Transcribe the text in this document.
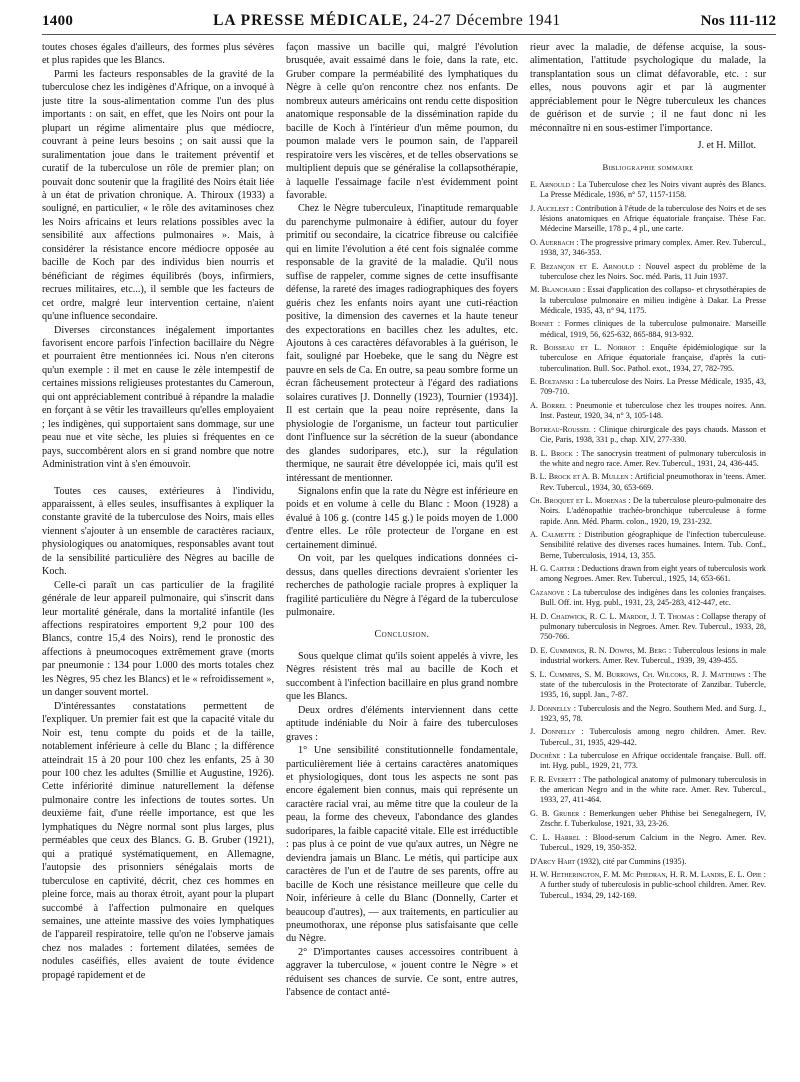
1400	LA PRESSE MÉDICALE, 24-27 Décembre 1941	Nos 111-112

toutes choses égales d'ailleurs, des formes plus sévères et plus rapides que les Blancs.

Parmi les facteurs responsables de la gravité de la tuberculose chez les indigènes d'Afrique, on a invoqué à juste titre la sous-alimentation comme l'un des plus importants : on sait, en effet, que les Noirs ont pour la plupart un régime alimentaire plus que médiocre, couvrant à peine leurs besoins ; on sait aussi que la suralimentation joue dans le traitement préventif et curatif de la tuberculose un rôle de premier plan; on pouvait donc soutenir que la fragilité des Noirs était liée à un état de privation chronique. A. Thiroux (1933) a souligné, en particulier, « le rôle des avitaminoses chez les Noirs africains et leurs relations possibles avec la sensibilité aux affections pulmonaires ». Mais, à considérer la résistance encore médiocre opposée au bacille de Koch par des individus bien nourris et bénéficiant de régimes équilibrés (boys, infirmiers, recrues militaires, etc...), il semble que les facteurs de cet ordre, malgré leur intervention certaine, n'aient qu'une influence secondaire.

Diverses circonstances inégalement importantes favorisent encore parfois l'infection bacillaire du Nègre et pourraient être mentionnées ici. Nous n'en citerons qu'un exemple : il met en cause le zèle intempestif de certaines missions religieuses protestantes du Cameroun, qui ont appréciablement contribué à répandre la maladie en forçant à se vêtir les travailleurs qu'elles employaient ; les indigènes, qui supportaient sans dommage, sur une peau nue et vite sèche, les pluies si fréquentes en ce pays, succombèrent alors en si grand nombre que notre Administration vint à s'en émouvoir.

Toutes ces causes, extérieures à l'individu, apparaissent, à elles seules, insuffisantes à expliquer la constante gravité de la tuberculose des Noirs, mais elles viennent s'ajouter à un ensemble de caractères raciaux, physiologiques ou anatomiques, responsables avant tout de la sensibilité particulière des Nègres au bacille de Koch.

Celle-ci paraît un cas particulier de la fragilité générale de leur appareil pulmonaire, qui s'inscrit dans leur mortalité générale, dans la mortalité infantile (les affections respiratoires emportent 9,2 pour 100 des Blancs, contre 15,4 des Noirs), rend le pronostic des affections à pneumocoques extrêmement grave (morts par pneumonie : 134 pour 1.000 des morts totales chez les Nègres, 95 chez les Blancs) et le « refroidissement », un danger souvent mortel.

D'intéressantes constatations permettent de l'expliquer. Un premier fait est que la capacité vitale du Noir est, tenu compte du poids et de la taille, notablement inférieure à celle du Blanc ; la différence atteindrait 15 à 20 pour 100 chez les enfants, 25 à 30 pour 100 chez les adultes (Smillie et Augustine, 1926). Cette infériorité diminue naturellement la défense pulmonaire contre les infections de toutes sortes. Un deuxième fait, d'une réelle importance, est que les lymphatiques du Nègre normal sont plus larges, plus perméables que ceux des Blancs. G. B. Gruber (1921), qui a pratiqué systématiquement, en Allemagne, l'autopsie des prisonniers sénégalais morts de tuberculose en captivité, décrit, chez ces hommes en pleine force, mais au thorax étroit, ayant pour la plupart succombé à l'affection pulmonaire en quelques semaines, une atteinte massive des voies lymphatiques de l'appareil respiratoire, telle qu'on ne l'observe jamais chez nos malades : fortement dilatées, semées de nodules caséifiés, elles avaient de toute évidence propagé rapidement et de

façon massive un bacille qui, malgré l'évolution brusquée, avait essaimé dans le foie, dans la rate, etc. Gruber compare la perméabilité des lymphatiques du Nègre à celle qu'on rencontre chez nos enfants. De nombreux auteurs américains ont rendu cette disposition anatomique responsable de la dissémination rapide du bacille de Koch à l'intérieur d'un même poumon, du poumon malade vers le poumon sain, de l'appareil respiratoire vers les viscères, et de telles observations se multiplient depuis que se généralise la collapsothérapie, à laquelle l'essaimage facile n'est évidemment point favorable.

Chez le Nègre tuberculeux, l'inaptitude remarquable du parenchyme pulmonaire à édifier, autour du foyer primitif ou secondaire, la cicatrice fibreuse ou calcifiée qui en limite l'évolution a été cent fois signalée comme responsable de la gravité de la maladie. Qu'il nous suffise de rappeler, comme signes de cette insuffisante défense, la rareté des images radiographiques des foyers guéris chez les enfants noirs ayant une cuti-réaction positive, la dimension des cavernes et la haute teneur des expectorations en bacilles chez les adultes, etc. Ajoutons à ces caractères défavorables à la guérison, le fait, souligné par Hoebeke, que le sang du Nègre est pauvre en sels de Ca. En outre, sa peau sombre forme un écran fâcheusement protecteur à l'égard des radiations solaires curatives [J. Donnelly (1923), Tournier (1934)]. Il est certain que la peau noire représente, dans la physiologie de l'organisme, un facteur tout particulier dont l'influence sur la sécrétion de la sueur (abondance des glandes sudoripares, etc.), sur la régulation thermique, ne saurait être développée ici, mais qu'il est intéressant de mentionner.

Signalons enfin que la rate du Nègre est inférieure en poids et en volume à celle du Blanc : Moon (1928) a évalué à 106 g. (contre 145 g.) le poids moyen de 1.000 d'entre elles. Le rôle protecteur de l'organe en est certainement diminué.

On voit, par les quelques indications données ci-dessus, dans quelles directions devraient s'orienter les recherches de pathologie raciale propres à expliquer la fragilité particulière du Nègre à l'égard de la tuberculose pulmonaire.

Conclusion.

Sous quelque climat qu'ils soient appelés à vivre, les Nègres résistent très mal au bacille de Koch et succombent à l'infection bacillaire en plus grand nombre que les Blancs.

Deux ordres d'éléments interviennent dans cette aptitude indéniable du Noir à faire des tuberculoses graves :

1° Une sensibilité constitutionnelle fondamentale, particulièrement liée à certains caractères anatomiques et physiologiques, dont tous les aspects ne sont pas encore également bien connus, mais qui représente un caractère racial vrai, au même titre que la couleur de la peau, la forme des cheveux, l'abondance des glandes sudoripares, la faible capacité vitale. Elle est irréductible : pas plus à ce point de vue qu'aux autres, un Nègre ne deviendra jamais un Blanc. Le métis, qui participe aux caractères de l'un et de l'autre de ses parents, offre au bacille de Koch une résistance meilleure que celle du Noir, inférieure à celle du Blanc (Donnelly, Carter et beaucoup d'autres), — aux traitements, en particulier au pneumothorax, une réponse plus satisfaisante que celle du Nègre.

2° D'importantes causes accessoires contribuent à aggraver la tuberculose, « jouent contre le Nègre » et réduisent ses chances de survie. Ce sont, entre autres, l'absence de contact anté-

rieur avec la maladie, de défense acquise, la sous-alimentation, l'attitude psychologique du malade, la transplantation sous un climat défavorable, etc. : sur elles, nous pouvons agir et par là augmenter appréciablement pour le Nègre tuberculeux les chances de guérison et de survie ; il ne faut donc ni les méconnaître ni en sous-estimer l'importance.

J. et H. Millot.
Bibliographie sommaire
E. Arnould : La Tuberculose chez les Noirs vivant auprès des Blancs. La Presse Médicale, 1936, n° 57, 1157-1158.
J. Aucelest : Contribution à l'étude de la tuberculose des Noirs et de ses lésions anatomiques en Afrique équatoriale française. Thèse Fac. Médecine Marseille, 178 p., 4 pl., une carte.
O. Auerbach : The progressive primary complex. Amer. Rev. Tubercul., 1938, 37, 346-353.
F. Bezançon et E. Arnould : Nouvel aspect du problème de la tuberculose chez les Noirs. Soc. méd. Paris, 11 Juin 1937.
M. Blanchard : Essai d'application des collapso- et chrysothérapies de la tuberculose pulmonaire en milieu indigène à Dakar. La Presse Médicale, 1935, 43, n° 94, 1175.
Boinet : Formes cliniques de la tuberculose pulmonaire. Marseille médical, 1919, 56, 625-632, 865-884, 913-932.
R. Boisseau et L. Noirrot : Enquête épidémiologique sur la tuberculose en Afrique équatoriale française, d'après la cuti-tuberculination. Bull. Soc. Pathol. exot., 1934, 27, 782-795.
E. Boltanski : La tuberculose des Noirs. La Presse Médicale, 1935, 43, 709-710.
A. Borrel : Pneumonie et tuberculose chez les troupes noires. Ann. Inst. Pasteur, 1920, 34, n° 3, 105-148.
Botreau-Roussel : Clinique chirurgicale des pays chauds. Masson et Cie, Paris, 1938, 331 p., chap. XIV, 277-330.
B. L. Brock : The sanocrysin treatment of pulmonary tuberculosis in the white and negro race. Amer. Rev. Tubercul., 1931, 24, 436-445.
B. L. Brock et A. B. Mullen : Artificial pneumothorax in 'teens. Amer. Rev. Tubercul., 1934, 30, 653-669.
Ch. Broquet et L. Morenas : De la tuberculose pleuro-pulmonaire des Noirs. L'adénopathie trachéo-bronchique tuberculeuse à forme rapide. Ann. Méd. Pharm. colon., 1920, 19, 231-232.
A. Calmette : Distribution géographique de l'infection tuberculeuse. Sensibilité relative des diverses races humaines. Intern. Tub. Conf., Berne, Tuberculosis, 1914, 13, 355.
H. G. Carter : Deductions drawn from eight years of tuberculosis work among Negroes. Amer. Rev. Tubercul., 1925, 14, 653-661.
Cazanove : La tuberculose des indigènes dans les colonies françaises. Bull. Off. int. Hyg. publ., 1931, 23, 245-283, 412-447, etc.
H. D. Chadwick, R. C. L. Mardoe, J. T. Thomas : Collapse therapy of pulmonary tuberculosis in Negroes. Amer. Rev. Tubercul., 1933, 28, 750-766.
D. E. Cummings, R. N. Downs, M. Berg : Tuberculous lesions in male industrial workers. Amer. Rev. Tubercul., 1939, 39, 439-455.
S. L. Cummins, S. M. Burrows, Ch. Wilcoks, R. J. Matthews : The state of the tuberculosis in the Protectorate of Zanzibar. Tubercle, 1935, 16, suppl. Jan., 7-87.
J. Donnelly : Tuberculosis and the Negro. Southern Med. and Surg. J., 1923, 95, 78.
J. Donnelly : Tuberculosis among negro children. Amer. Rev. Tubercul., 31, 1935, 429-442.
Duchêne : La tuberculose en Afrique occidentale française. Bull. off. int. Hyg. publ., 1929, 21, 773.
F. R. Everett : The pathological anatomy of pulmonary tuberculosis in the american Negro and in the white race. Amer. Rev. Tubercul., 1933, 27, 411-464.
G. B. Gruber : Bemerkungen ueber Phthise bei Senegalnegern, IV, Ztschr. f. Tuberkulose, 1921, 33, 23-26.
C. L. Harrel : Blood-serum Calcium in the Negro. Amer. Rev. Tubercul., 1929, 19, 350-352.
D'Arcy Hart (1932), cité par Cummins (1935).
H. W. Hetherington, F. M. Mc Phedran, H. R. M. Landis, E. L. Opie : A further study of tuberculosis in public-school children. Amer. Rev. Tubercul., 1934, 29, 142-169.
